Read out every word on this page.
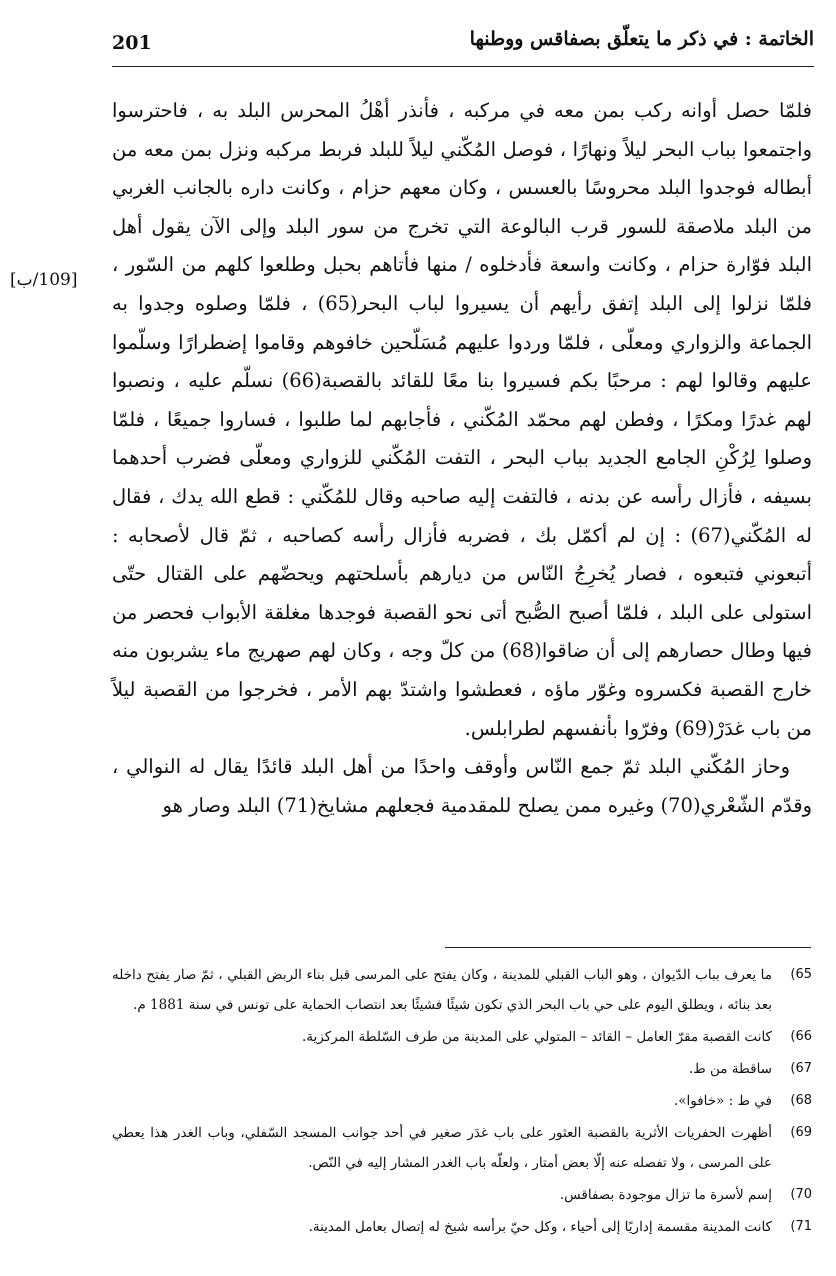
201	الخاتمة : في ذكر ما يتعلّق بصفاقس ووطنها
[109/ب]

فلمّا حصل أوانه ركب بمن معه في مركبه ، فأنذر أهْلُ المحرس البلد به ، فاحترسوا واجتمعوا بباب البحر ليلاً ونهارًا ، فوصل المُكّني ليلاً للبلد فربط مركبه ونزل بمن معه من أبطاله فوجدوا البلد محروسًا بالعسس ، وكان معهم حزام ، وكانت داره بالجانب الغربي من البلد ملاصقة للسور قرب البالوعة التي تخرج من سور البلد وإلى الآن يقول أهل البلد فوّارة حزام ، وكانت واسعة فأدخلوه / منها فأتاهم بحبل وطلعوا كلهم من السّور ، فلمّا نزلوا إلى البلد إتفق رأيهم أن يسيروا لباب البحر(65) ، فلمّا وصلوه وجدوا به الجماعة والزواري ومعلّى ، فلمّا وردوا عليهم مُسَلّحين خافوهم وقاموا إضطرارًا وسلّموا عليهم وقالوا لهم : مرحبًا بكم فسيروا بنا معًا للقائد بالقصبة(66) نسلّم عليه ، ونصبوا لهم غدرًا ومكرًا ، وفطن لهم محمّد المُكّني ، فأجابهم لما طلبوا ، فساروا جميعًا ، فلمّا وصلوا لِرُكْنِ الجامع الجديد بباب البحر ، التفت المُكّني للزواري ومعلّى فضرب أحدهما بسيفه ، فأزال رأسه عن بدنه ، فالتفت إليه صاحبه وقال للمُكّني : قطع الله يدك ، فقال له المُكّني(67) : إن لم أكمّل بك ، فضربه فأزال رأسه كصاحبه ، ثمّ قال لأصحابه : أتبعوني فتبعوه ، فصار يُخرِجُ النّاس من ديارهم بأسلحتهم ويحضّهم على القتال حتّى استولى على البلد ، فلمّا أصبح الصُّبح أتى نحو القصبة فوجدها مغلقة الأبواب فحصر من فيها وطال حصارهم إلى أن ضاقوا(68) من كلّ وجه ، وكان لهم صهريج ماء يشربون منه خارج القصبة فكسروه وغوّر ماؤه ، فعطشوا واشتدّ بهم الأمر ، فخرجوا من القصبة ليلاً من باب غدَرْ(69) وفرّوا بأنفسهم لطرابلس.

وحاز المُكّني البلد ثمّ جمع النّاس وأوقف واحدًا من أهل البلد قائدًا يقال له النوالي ، وقدّم الشّعْري(70) وغيره ممن يصلح للمقدمية فجعلهم مشايخ(71) البلد وصار هو

65)
ما يعرف بباب الدّيوان ، وهو الباب القبلي للمدينة ، وكان يفتح على المرسى قبل بناء الربض القبلي ، ثمّ صار يفتح داخله بعد بنائه ، ويطلق اليوم على حي باب البحر الذي تكون شيئًا فشيئًا بعد انتصاب الحماية على تونس في سنة 1881 م.
66)
كانت القصبة مقرّ العامل – القائد – المتولي على المدينة من طرف السّلطة المركزية.
67)
ساقطة من ط.
68)
في ط : «خافوا».
69)
أظهرت الحفريات الأثرية بالقصبة العثور على باب غدَر صغير في أحد جوانب المسجد السّفلي، وباب الغدر هذا يعطي على المرسى ، ولا تفصله عنه إلّا بعض أمتار ، ولعلّه باب الغدر المشار إليه في النّص.
70)
إسم لأسرة ما تزال موجودة بصفاقس.
71)
كانت المدينة مقسمة إداريًا إلى أحياء ، وكل حيّ برأسه شيخ له إتصال بعامل المدينة.
